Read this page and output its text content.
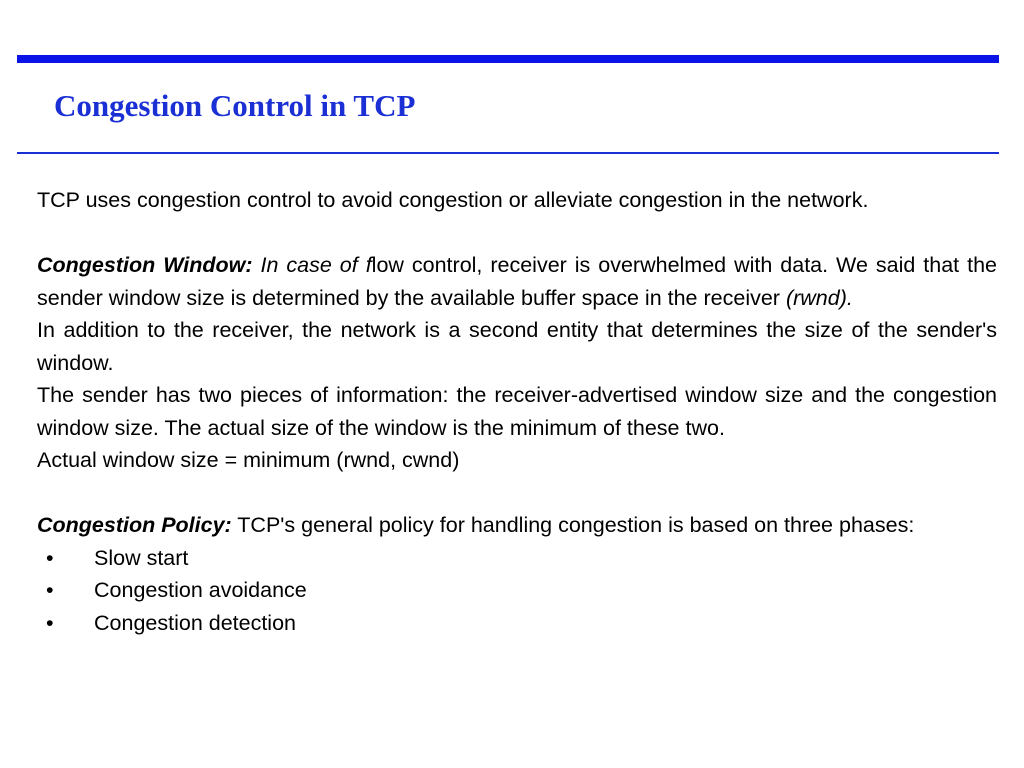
Congestion Control in TCP

TCP uses congestion control to avoid congestion or alleviate congestion in the network.

Congestion Window: In case of flow control, receiver is overwhelmed with data. We said that the sender window size is determined by the available buffer space in the receiver (rwnd).

In addition to the receiver, the network is a second entity that determines the size of the sender's window.

The sender has two pieces of information: the receiver-advertised window size and the congestion window size. The actual size of the window is the minimum of these two.

Actual window size = minimum (rwnd, cwnd)

Congestion Policy: TCP's general policy for handling congestion is based on three phases:

•	Slow start
•	Congestion avoidance
•	Congestion detection
